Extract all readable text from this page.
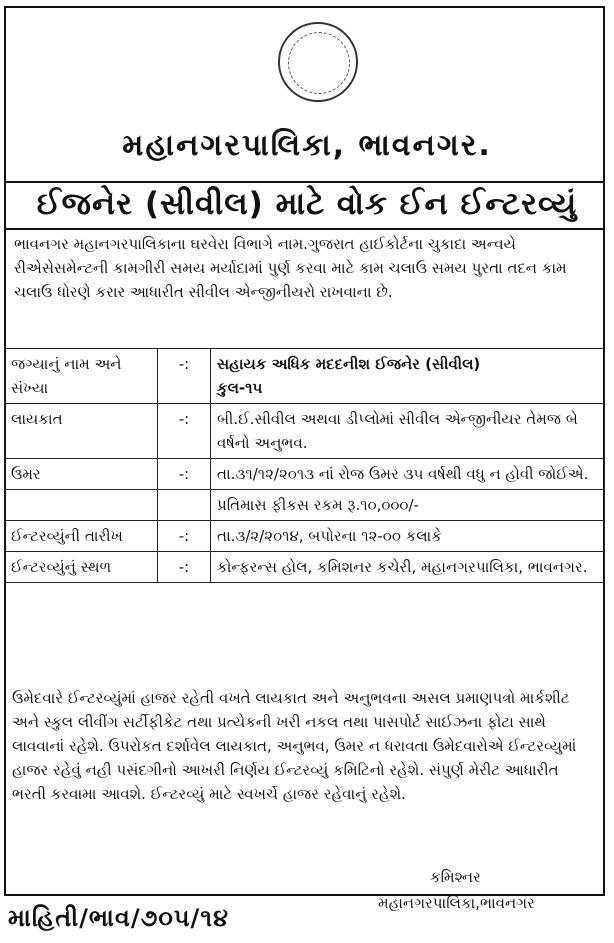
મહાનગરપાલિકા, ભાવનગર.
ઈજનેર (સીવીલ) માટે વોક ઈન ઈન્ટરવ્યું
ભાવનગર મહાનગરપાલિકાના ઘરવેરા વિભાગે નામ.ગુજરાત હાઈકોર્ટના ચુકાદા અન્વયે રીએસેસમેન્ટની કામગીરી સમય મર્યાદામાં પુર્ણ કરવા માટે કામ ચલાઉ સમય પુરતા તદન કામ ચલાઉ ધોરણે કરાર આધારીત સીવીલ એન્જીનીયરો રાખવાના છે.
જગ્યાનું નામ અને સંખ્યા	-:	સહાયક અધિક મદદનીશ ઈજનેર (સીવીલ)
કુલ-૧૫

લાયકાત	-:	બી.ઈ.સીવીલ અથવા ડીપ્લોમાં સીવીલ એન્જીનીયર તેમજ બે વર્ષનો અનુભવ.
ઉમર	-:	તા.૩૧/૧૨/૨૦૧૩ નાં રોજ ઉમર ૩૫ વર્ષથી વધુ ન હોવી જોઈએ.
		પ્રતિમાસ ફીકસ રકમ રૂ.૧૦,૦૦૦/-
ઈન્ટરવ્યુંની તારીખ	-:	તા.૩/૨/૨૦૧૪, બપોરના ૧૨-૦૦ કલાકે
ઈન્ટરવ્યુંનું સ્થળ	-:	કોન્ફરન્સ હોલ, કમિશનર કચેરી, મહાનગરપાલિકા, ભાવનગર.
ઉમેદવારે ઈન્ટરવ્યુંમાં હાજર રહેતી વખતે લાયકાત અને અનુભવના અસલ પ્રમાણપત્રો માર્કશીટ અને સ્કુલ લીવીંગ સર્ટીફીકેટ તથા પ્રત્યેકની ખરી નકલ તથા પાસપોર્ટ સાઈઝના ફોટા સાથે લાવવાનાં રહેશે. ઉપરોકત દર્શાવેલ લાયકાત, અનુભવ, ઉમર ન ધરાવતા ઉમેદવારોએ ઈન્ટરવ્યુમાં હાજર રહેવું નહી પસંદગીનો આખરી નિર્ણય ઈન્ટરવ્યું કમિટિનો રહેશે. સંપુર્ણ મેરીટ આધારીત ભરતી કરવામા આવશે. ઈન્ટરવ્યું માટે સ્વખર્ચે હાજર રહેવાનું રહેશે.
કમિશ્નર
મહાનગરપાલિકા,ભાવનગર
માહિતી/ભાવ/૭૦૫/૧૪
